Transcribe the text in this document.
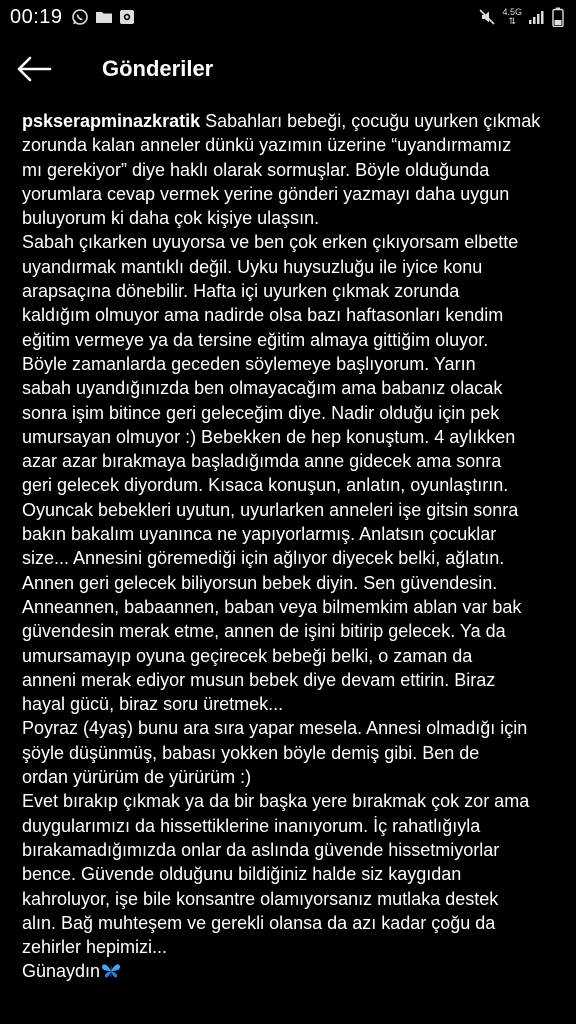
00:19	4.5G
⇅
Gönderiler

pskserapminazkratik Sabahları bebeği, çocuğu uyurken çıkmak
zorunda kalan anneler dünkü yazımın üzerine “uyandırmamız
mı gerekiyor” diye haklı olarak sormuşlar. Böyle olduğunda
yorumlara cevap vermek yerine gönderi yazmayı daha uygun
buluyorum ki daha çok kişiye ulaşsın.

Sabah çıkarken uyuyorsa ve ben çok erken çıkıyorsam elbette
uyandırmak mantıklı değil. Uyku huysuzluğu ile iyice konu
arapsaçına dönebilir. Hafta içi uyurken çıkmak zorunda
kaldığım olmuyor ama nadirde olsa bazı haftasonları kendim
eğitim vermeye ya da tersine eğitim almaya gittiğim oluyor.
Böyle zamanlarda geceden söylemeye başlıyorum. Yarın
sabah uyandığınızda ben olmayacağım ama babanız olacak
sonra işim bitince geri geleceğim diye. Nadir olduğu için pek
umursayan olmuyor :) Bebekken de hep konuştum. 4 aylıkken
azar azar bırakmaya başladığımda anne gidecek ama sonra
geri gelecek diyordum. Kısaca konuşun, anlatın, oyunlaştırın.
Oyuncak bebekleri uyutun, uyurlarken anneleri işe gitsin sonra
bakın bakalım uyanınca ne yapıyorlarmış. Anlatsın çocuklar
size... Annesini göremediği için ağlıyor diyecek belki, ağlatın.
Annen geri gelecek biliyorsun bebek diyin. Sen güvendesin.
Anneannen, babaannen, baban veya bilmemkim ablan var bak
güvendesin merak etme, annen de işini bitirip gelecek. Ya da
umursamayıp oyuna geçirecek bebeği belki, o zaman da
anneni merak ediyor musun bebek diye devam ettirin. Biraz
hayal gücü, biraz soru üretmek...

Poyraz (4yaş) bunu ara sıra yapar mesela. Annesi olmadığı için
şöyle düşünmüş, babası yokken böyle demiş gibi. Ben de
ordan yürürüm de yürürüm :)

Evet bırakıp çıkmak ya da bir başka yere bırakmak çok zor ama
duygularımızı da hissettiklerine inanıyorum. İç rahatlığıyla
bırakamadığımızda onlar da aslında güvende hissetmiyorlar
bence. Güvende olduğunu bildiğiniz halde siz kaygıdan
kahroluyor, işe bile konsantre olamıyorsanız mutlaka destek
alın. Bağ muhteşem ve gerekli olansa da azı kadar çoğu da
zehirler hepimizi...

Günaydın
